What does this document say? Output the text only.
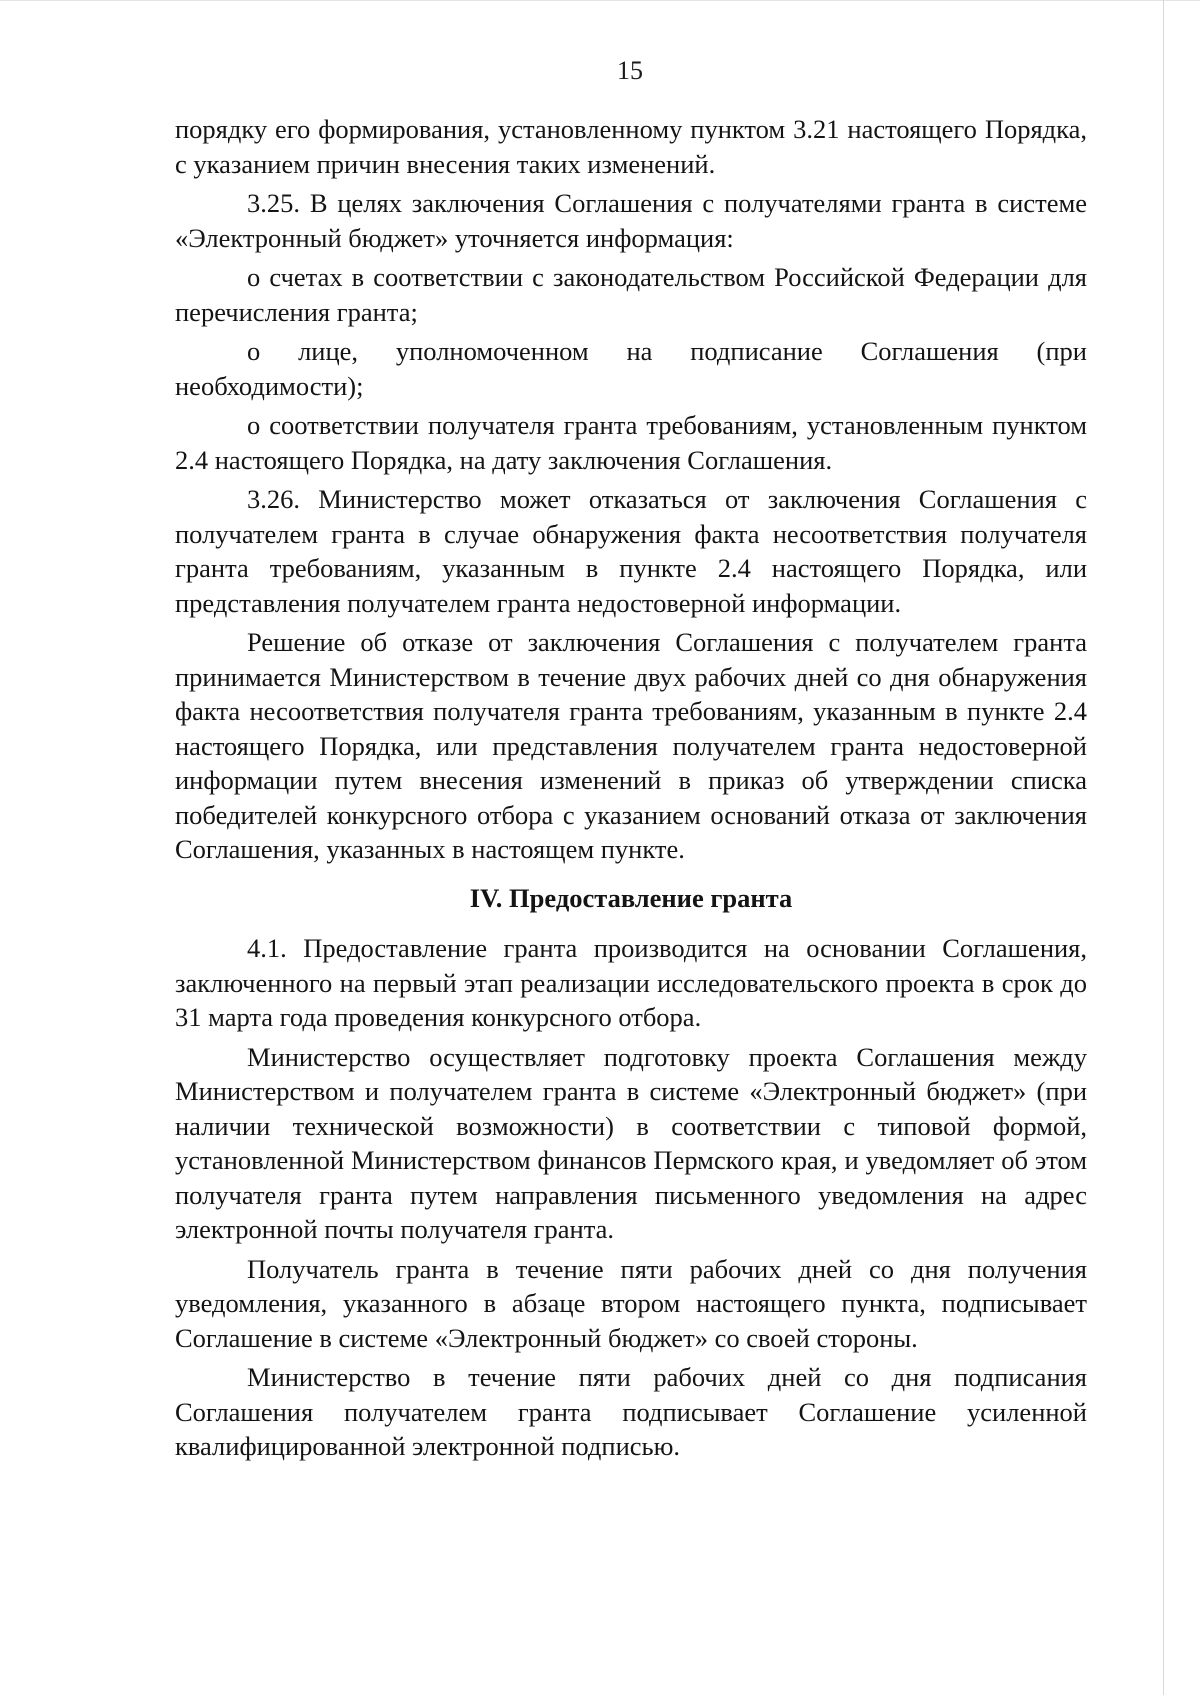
15

порядку его формирования, установленному пунктом 3.21 настоящего Порядка, с указанием причин внесения таких изменений.

3.25. В целях заключения Соглашения с получателями гранта в системе «Электронный бюджет» уточняется информация:

о счетах в соответствии с законодательством Российской Федерации для перечисления гранта;

о лице, уполномоченном на подписание Соглашения (при необходимости);

о соответствии получателя гранта требованиям, установленным пунктом 2.4 настоящего Порядка, на дату заключения Соглашения.

3.26. Министерство может отказаться от заключения Соглашения с получателем гранта в случае обнаружения факта несоответствия получателя гранта требованиям, указанным в пункте 2.4 настоящего Порядка, или представления получателем гранта недостоверной информации.

Решение об отказе от заключения Соглашения с получателем гранта принимается Министерством в течение двух рабочих дней со дня обнаружения факта несоответствия получателя гранта требованиям, указанным в пункте 2.4 настоящего Порядка, или представления получателем гранта недостоверной информации путем внесения изменений в приказ об утверждении списка победителей конкурсного отбора с указанием оснований отказа от заключения Соглашения, указанных в настоящем пункте.

IV. Предоставление гранта

4.1. Предоставление гранта производится на основании Соглашения, заключенного на первый этап реализации исследовательского проекта в срок до 31 марта года проведения конкурсного отбора.

Министерство осуществляет подготовку проекта Соглашения между Министерством и получателем гранта в системе «Электронный бюджет» (при наличии технической возможности) в соответствии с типовой формой, установленной Министерством финансов Пермского края, и уведомляет об этом получателя гранта путем направления письменного уведомления на адрес электронной почты получателя гранта.

Получатель гранта в течение пяти рабочих дней со дня получения уведомления, указанного в абзаце втором настоящего пункта, подписывает Соглашение в системе «Электронный бюджет» со своей стороны.

Министерство в течение пяти рабочих дней со дня подписания Соглашения получателем гранта подписывает Соглашение усиленной квалифицированной электронной подписью.
